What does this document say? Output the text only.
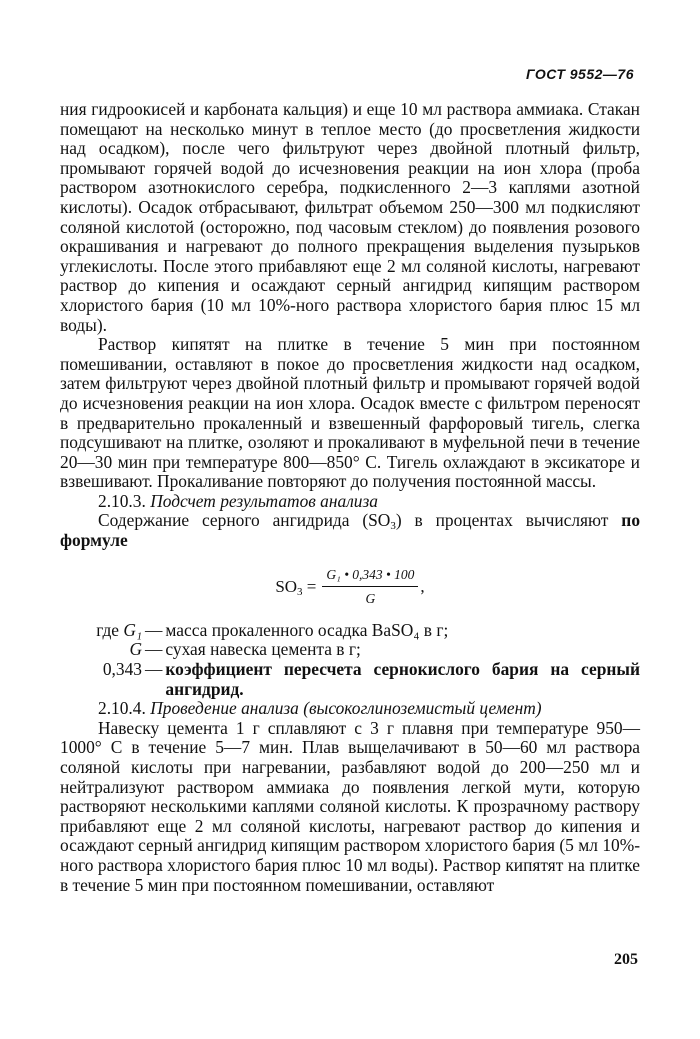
ГОСТ 9552—76

ния гидроокисей и карбоната кальция) и еще 10 мл раствора аммиака. Стакан помещают на несколько минут в теплое место (до просветления жидкости над осадком), после чего фильтруют через двойной плотный фильтр, промывают горячей водой до исчезновения реакции на ион хлора (проба раствором азотнокислого серебра, подкисленного 2—3 каплями азотной кислоты). Осадок отбрасывают, фильтрат объемом 250—300 мл подкисляют соляной кислотой (осторожно, под часовым стеклом) до появления розового окрашивания и нагревают до полного прекращения выделения пузырьков углекислоты. После этого прибавляют еще 2 мл соляной кислоты, нагревают раствор до кипения и осаждают серный ангидрид кипящим раствором хлористого бария (10 мл 10%-ного раствора хлористого бария плюс 15 мл воды).

Раствор кипятят на плитке в течение 5 мин при постоянном помешивании, оставляют в покое до просветления жидкости над осадком, затем фильтруют через двойной плотный фильтр и промывают горячей водой до исчезновения реакции на ион хлора. Осадок вместе с фильтром переносят в предварительно прокаленный и взвешенный фарфоровый тигель, слегка подсушивают на плитке, озоляют и прокаливают в муфельной печи в течение 20—30 мин при температуре 800—850° С. Тигель охлаждают в эксикаторе и взвешивают. Прокаливание повторяют до получения постоянной массы.

2.10.3. Подсчет результатов анализа

Содержание серного ангидрида $(SO_3)$ в процентах вычисляют по формуле

$SO_3 = \frac{\text{G₁ • 0,343 • 100}}{G}$ ,
где G₁ — масса прокаленного осадка BaSO₄ в г;
G — сухая навеска цемента в г;
0,343 — коэффициент пересчета сернокислого бария на серный ангидрид.

2.10.4. Проведение анализа (высокоглиноземистый цемент)

Навеску цемента 1 г сплавляют с 3 г плавня при температуре 950—1000° С в течение 5—7 мин. Плав выщелачивают в 50—60 мл раствора соляной кислоты при нагревании, разбавляют водой до 200—250 мл и нейтрализуют раствором аммиака до появления легкой мути, которую растворяют несколькими каплями соляной кислоты. К прозрачному раствору прибавляют еще 2 мл соляной кислоты, нагревают раствор до кипения и осаждают серный ангидрид кипящим раствором хлористого бария (5 мл 10%-ного раствора хлористого бария плюс 10 мл воды). Раствор кипятят на плитке в течение 5 мин при постоянном помешивании, оставляют

205
